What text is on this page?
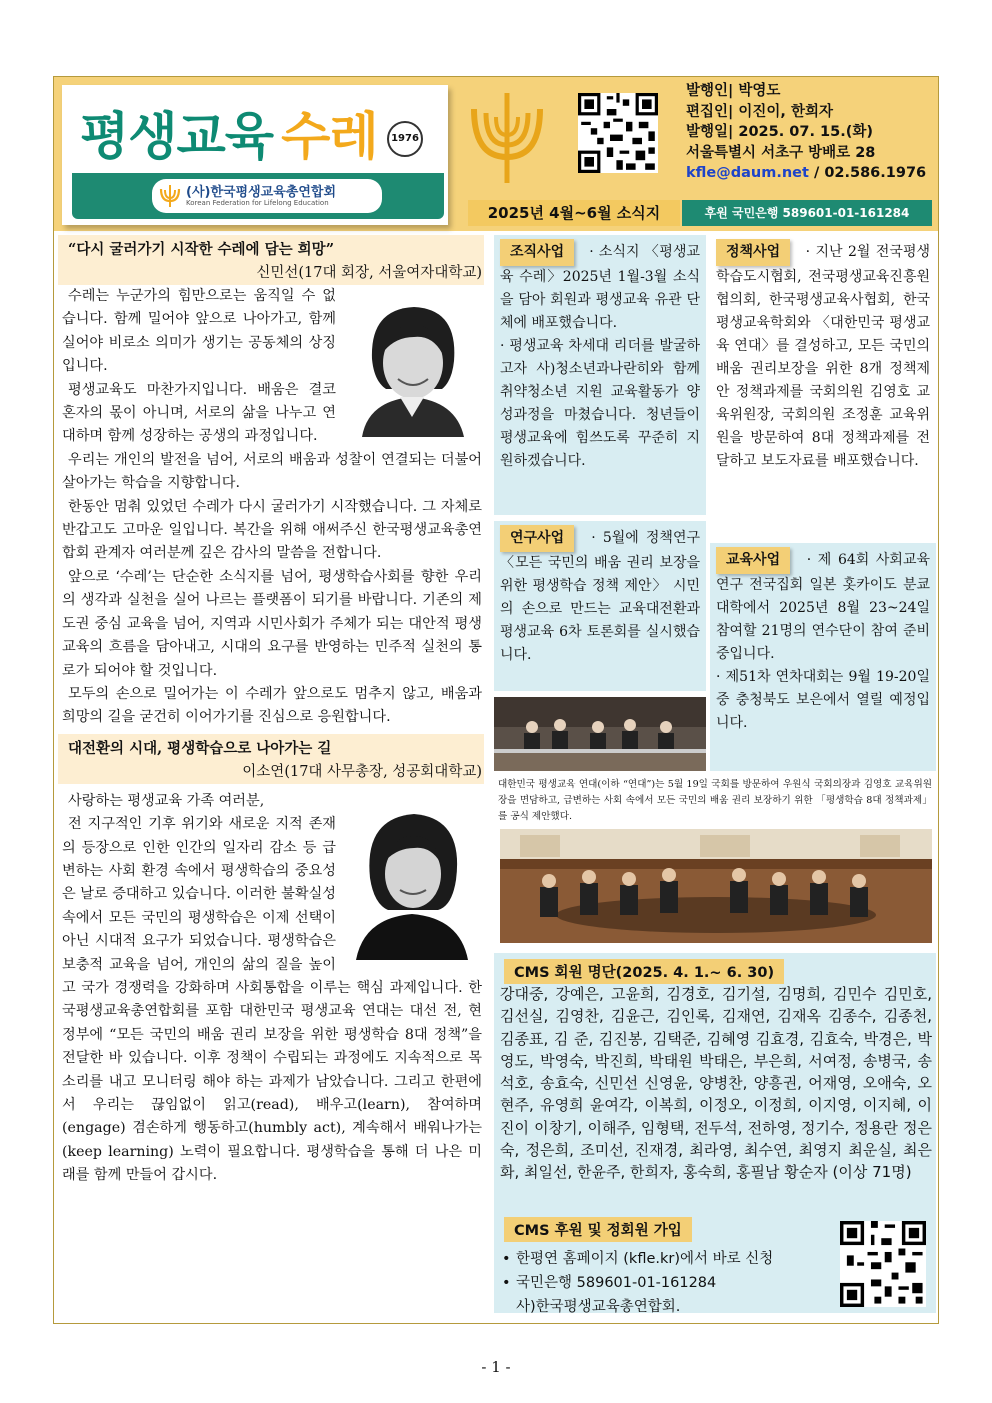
평생교육 수레	1976
(사)한국평생교육총연합회
Korean Federation for Lifelong Education
발행인| 박영도
편집인| 이진이, 한희자
발행일| 2025. 07. 15.(화)
서울특별시 서초구 방배로 28
kfle@daum.net / 02.586.1976
2025년 4월~6월 소식지	후원 국민은행 589601-01-161284
“다시 굴러가기 시작한 수레에 담는 희망”
신민선(17대 회장, 서울여자대학교)

수레는 누군가의 힘만으로는 움직일 수 없습니다. 함께 밀어야 앞으로 나아가고, 함께 실어야 비로소 의미가 생기는 공동체의 상징입니다.

평생교육도 마찬가지입니다. 배움은 결코 혼자의 몫이 아니며, 서로의 삶을 나누고 연대하며 함께 성장하는 공생의 과정입니다.

우리는 개인의 발전을 넘어, 서로의 배움과 성찰이 연결되는 더불어 살아가는 학습을 지향합니다.

한동안 멈춰 있었던 수레가 다시 굴러가기 시작했습니다. 그 자체로 반갑고도 고마운 일입니다. 복간을 위해 애써주신 한국평생교육총연합회 관계자 여러분께 깊은 감사의 말씀을 전합니다.

앞으로 ‘수레’는 단순한 소식지를 넘어, 평생학습사회를 향한 우리의 생각과 실천을 실어 나르는 플랫폼이 되기를 바랍니다. 기존의 제도권 중심 교육을 넘어, 지역과 시민사회가 주체가 되는 대안적 평생교육의 흐름을 담아내고, 시대의 요구를 반영하는 민주적 실천의 통로가 되어야 할 것입니다.

모두의 손으로 밀어가는 이 수레가 앞으로도 멈추지 않고, 배움과 희망의 길을 굳건히 이어가기를 진심으로 응원합니다.

대전환의 시대, 평생학습으로 나아가는 길
이소연(17대 사무총장, 성공회대학교)

사랑하는 평생교육 가족 여러분,

전 지구적인 기후 위기와 새로운 지적 존재의 등장으로 인한 인간의 일자리 감소 등 급변하는 사회 환경 속에서 평생학습의 중요성은 날로 증대하고 있습니다. 이러한 불확실성 속에서 모든 국민의 평생학습은 이제 선택이 아닌 시대적 요구가 되었습니다. 평생학습은 보충적 교육을 넘어, 개인의 삶의 질을 높이고 국가 경쟁력을 강화하며 사회통합을 이루는 핵심 과제입니다. 한국평생교육총연합회를 포함 대한민국 평생교육 연대는 대선 전, 현 정부에 “모든 국민의 배움 권리 보장을 위한 평생학습 8대 정책”을 전달한 바 있습니다. 이후 정책이 수립되는 과정에도 지속적으로 목소리를 내고 모니터링 해야 하는 과제가 남았습니다. 그리고 한편에서 우리는 끊임없이 읽고(read), 배우고(learn), 참여하며(engage) 겸손하게 행동하고(humbly act), 계속해서 배워나가는(keep learning) 노력이 필요합니다. 평생학습을 통해 더 나은 미래를 함께 만들어 갑시다.

조직사업 · 소식지 〈평생교육 수레〉2025년 1월-3월 소식을 담아 회원과 평생교육 유관 단체에 배포했습니다.
· 평생교육 차세대 리더를 발굴하고자 사)청소년과나란히와 함께 취약청소년 지원 교육활동가 양성과정을 마쳤습니다. 청년들이 평생교육에 힘쓰도록 꾸준히 지원하겠습니다.
연구사업 · 5월에 정책연구 〈모든 국민의 배움 권리 보장을 위한 평생학습 정책 제안〉 시민의 손으로 만드는 교육대전환과 평생교육 6차 토론회를 실시했습니다.
정책사업 · 지난 2월 전국평생학습도시협회, 전국평생교육진흥원협의회, 한국평생교육사협회, 한국평생교육학회와 〈대한민국 평생교육 연대〉를 결성하고, 모든 국민의 배움 권리보장을 위한 8개 정책제안 정책과제를 국회의원 김영호 교육위원장, 국회의원 조정훈 교육위원을 방문하여 8대 정책과제를 전달하고 보도자료를 배포했습니다.
교육사업 · 제 64회 사회교육연구 전국집회 일본 홋카이도 분쿄 대학에서 2025년 8월 23~24일 참여할 21명의 연수단이 참여 준비중입니다.
· 제51차 연차대회는 9월 19-20일 중 충청북도 보은에서 열릴 예정입니다.
대한민국 평생교육 연대(이하 “연대”)는 5월 19일 국회를 방문하여 우원식 국회의장과 김영호 교육위원장을 면담하고, 급변하는 사회 속에서 모든 국민의 배움 권리 보장하기 위한 「평생학습 8대 정책과제」를 공식 제안했다.
CMS 회원 명단(2025. 4. 1.~ 6. 30)
강대중, 강예은, 고윤희, 김경호, 김기설, 김명희, 김민수 김민호, 김선실, 김영찬, 김윤근, 김인록, 김재연, 김재옥 김종수, 김종천, 김종표, 김 준, 김진봉, 김택준, 김혜영 김효경, 김효숙, 박경은, 박영도, 박영숙, 박진희, 박태원 박태은, 부은희, 서여정, 송병국, 송석호, 송효숙, 신민선 신영윤, 양병찬, 양흥권, 어재영, 오애숙, 오현주, 유영희 윤여각, 이복희, 이정오, 이정희, 이지영, 이지혜, 이진이 이창기, 이해주, 임형택, 전두석, 전하영, 정기수, 정용란 정은숙, 정은희, 조미선, 진재경, 최라영, 최수연, 최영지 최운실, 최은화, 최일선, 한윤주, 한희자, 홍숙희, 홍필남 황순자 (이상 71명)
CMS 후원 및 정회원 가입
• 한평연 홈페이지 (kfle.kr)에서 바로 신청
• 국민은행 589601-01-161284
사)한국평생교육총연합회.
- 1 -
